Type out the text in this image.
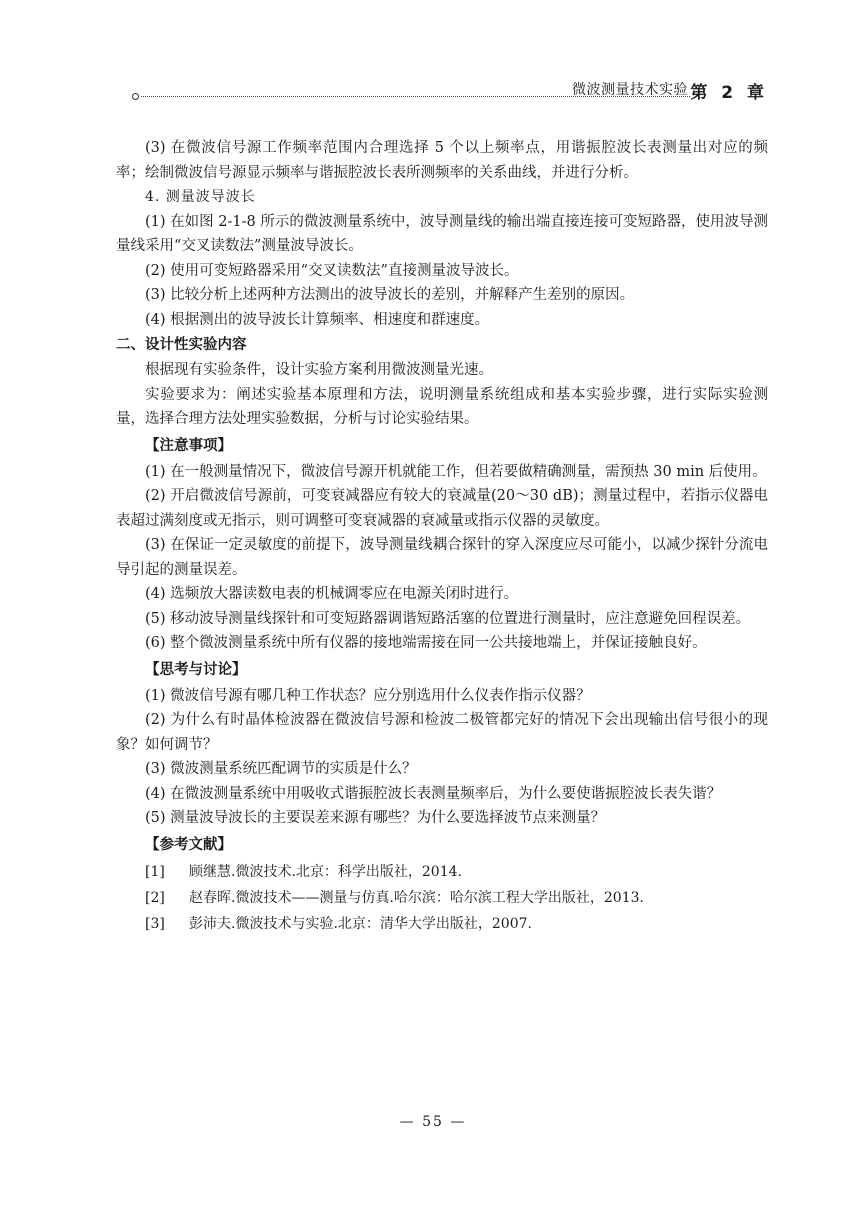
微波测量技术实验 第 2 章

(3) 在微波信号源工作频率范围内合理选择 5 个以上频率点，用谐振腔波长表测量出对应的频率；绘制微波信号源显示频率与谐振腔波长表所测频率的关系曲线，并进行分析。

4. 测量波导波长

(1) 在如图 2-1-8 所示的微波测量系统中，波导测量线的输出端直接连接可变短路器，使用波导测量线采用“交叉读数法”测量波导波长。

(2) 使用可变短路器采用“交叉读数法”直接测量波导波长。

(3) 比较分析上述两种方法测出的波导波长的差别，并解释产生差别的原因。

(4) 根据测出的波导波长计算频率、相速度和群速度。

二、设计性实验内容

根据现有实验条件，设计实验方案利用微波测量光速。

实验要求为：阐述实验基本原理和方法，说明测量系统组成和基本实验步骤，进行实际实验测量，选择合理方法处理实验数据，分析与讨论实验结果。

【注意事项】

(1) 在一般测量情况下，微波信号源开机就能工作，但若要做精确测量，需预热 30 min 后使用。

(2) 开启微波信号源前，可变衰减器应有较大的衰减量(20～30 dB)；测量过程中，若指示仪器电表超过满刻度或无指示，则可调整可变衰减器的衰减量或指示仪器的灵敏度。

(3) 在保证一定灵敏度的前提下，波导测量线耦合探针的穿入深度应尽可能小，以减少探针分流电导引起的测量误差。

(4) 选频放大器读数电表的机械调零应在电源关闭时进行。

(5) 移动波导测量线探针和可变短路器调谐短路活塞的位置进行测量时，应注意避免回程误差。

(6) 整个微波测量系统中所有仪器的接地端需接在同一公共接地端上，并保证接触良好。

【思考与讨论】

(1) 微波信号源有哪几种工作状态？应分别选用什么仪表作指示仪器？

(2) 为什么有时晶体检波器在微波信号源和检波二极管都完好的情况下会出现输出信号很小的现象？如何调节？

(3) 微波测量系统匹配调节的实质是什么？

(4) 在微波测量系统中用吸收式谐振腔波长表测量频率后，为什么要使谐振腔波长表失谐？

(5) 测量波导波长的主要误差来源有哪些？为什么要选择波节点来测量？

【参考文献】

[1]	顾继慧.微波技术.北京：科学出版社，2014.
[2]	赵春晖.微波技术——测量与仿真.哈尔滨：哈尔滨工程大学出版社，2013.
[3]	彭沛夫.微波技术与实验.北京：清华大学出版社，2007.
— 55 —
